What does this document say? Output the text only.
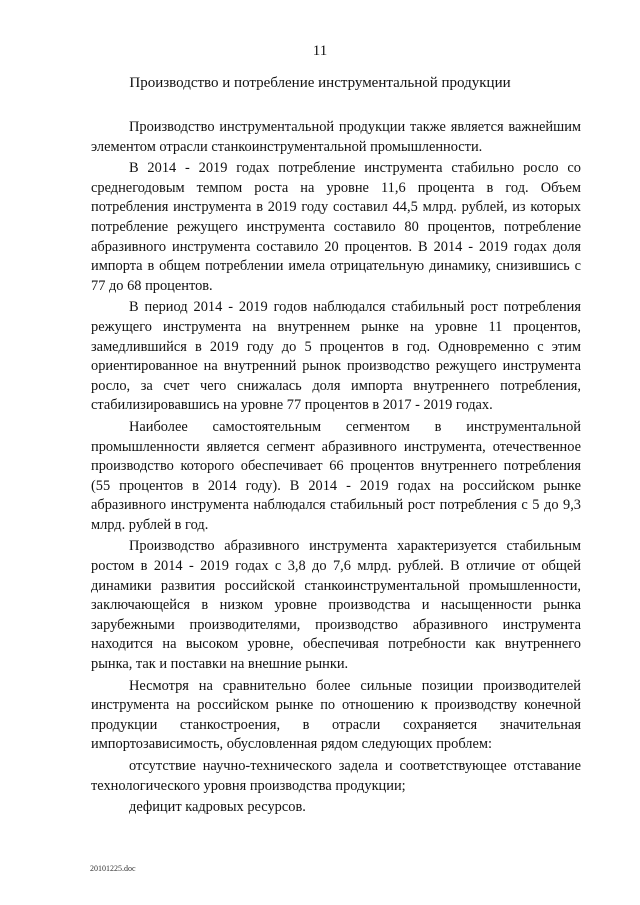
11
Производство и потребление инструментальной продукции

Производство инструментальной продукции также является важнейшим элементом отрасли станкоинструментальной промышленности.

В 2014 - 2019 годах потребление инструмента стабильно росло со среднегодовым темпом роста на уровне 11,6 процента в год. Объем потребления инструмента в 2019 году составил 44,5 млрд. рублей, из которых потребление режущего инструмента составило 80 процентов, потребление абразивного инструмента составило 20 процентов. В 2014 - 2019 годах доля импорта в общем потреблении имела отрицательную динамику, снизившись с 77 до 68 процентов.

В период 2014 - 2019 годов наблюдался стабильный рост потребления режущего инструмента на внутреннем рынке на уровне 11 процентов, замедлившийся в 2019 году до 5 процентов в год. Одновременно с этим ориентированное на внутренний рынок производство режущего инструмента росло, за счет чего снижалась доля импорта внутреннего потребления, стабилизировавшись на уровне 77 процентов в 2017 - 2019 годах.

Наиболее самостоятельным сегментом в инструментальной промышленности является сегмент абразивного инструмента, отечественное производство которого обеспечивает 66 процентов внутреннего потребления (55 процентов в 2014 году). В 2014 - 2019 годах на российском рынке абразивного инструмента наблюдался стабильный рост потребления с 5 до 9,3 млрд. рублей в год.

Производство абразивного инструмента характеризуется стабильным ростом в 2014 - 2019 годах с 3,8 до 7,6 млрд. рублей. В отличие от общей динамики развития российской станкоинструментальной промышленности, заключающейся в низком уровне производства и насыщенности рынка зарубежными производителями, производство абразивного инструмента находится на высоком уровне, обеспечивая потребности как внутреннего рынка, так и поставки на внешние рынки.

Несмотря на сравнительно более сильные позиции производителей инструмента на российском рынке по отношению к производству конечной продукции станкостроения, в отрасли сохраняется значительная импортозависимость, обусловленная рядом следующих проблем:

отсутствие научно-технического задела и соответствующее отставание технологического уровня производства продукции;

дефицит кадровых ресурсов.

20101225.doc
